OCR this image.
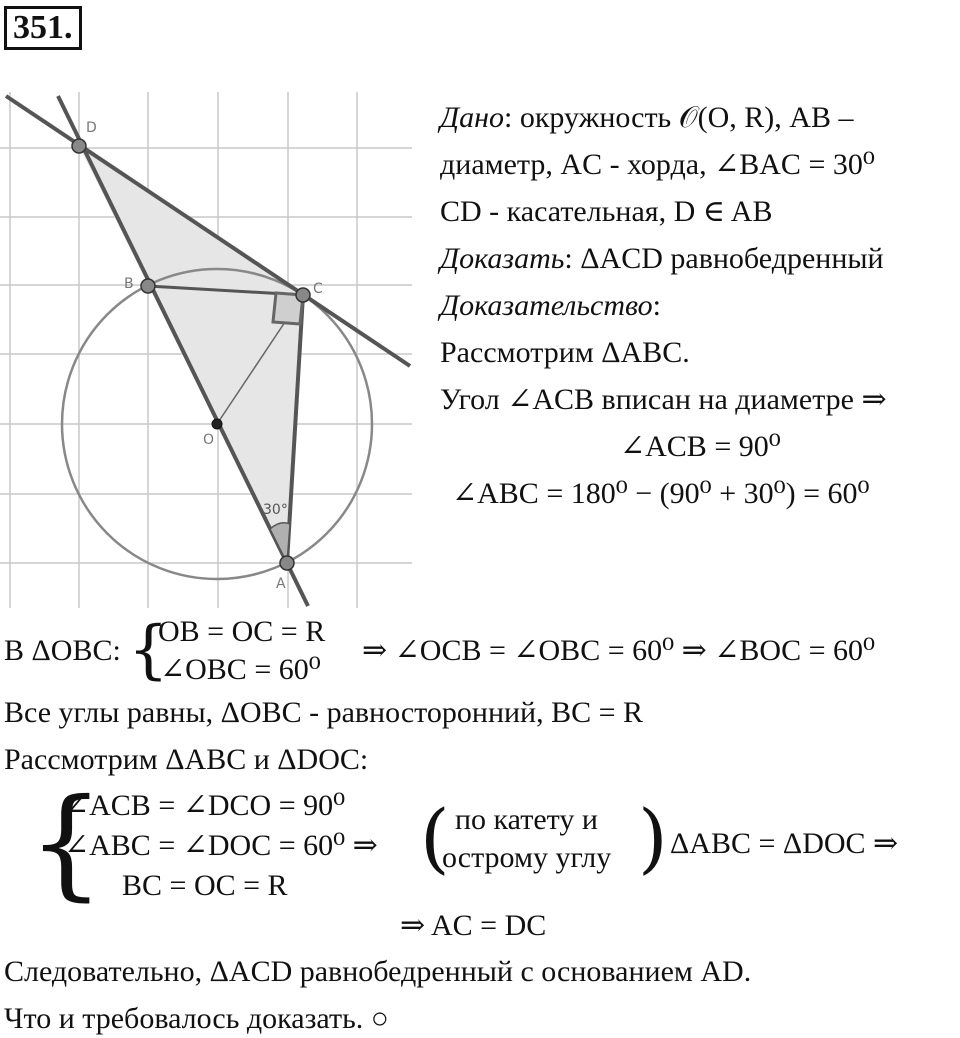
351.
30°
D
B	C
O
A
Дано: окружность 𝒪(O, R), AB –
диаметр, AC - хорда, ∠BAC = 30⁰
CD - касательная, D ∈ AB
Доказать: ΔACD равнобедренный
Доказательство:
Рассмотрим ΔABC.
Угол ∠ACB вписан на диаметре ⇒
∠ACB = 90⁰
∠ABC = 180⁰ − (90⁰ + 30⁰) = 60⁰
В ΔOBC: {
OB = OC = R
∠OBC = 60⁰
⇒ ∠OCB = ∠OBC = 60⁰ ⇒ ∠BOC = 60⁰
Все углы равны, ΔOBC - равносторонний, BC = R
Рассмотрим ΔABC и ΔDOC:
{
∠ACB = ∠DCO = 90⁰
∠ABC = ∠DOC = 60⁰ ⇒
BC = OC = R
( по катету и
острому углу ) ΔABC = ΔDOC ⇒
⇒ AC = DC
Следовательно, ΔACD равнобедренный с основанием AD.
Что и требовалось доказать. ○
